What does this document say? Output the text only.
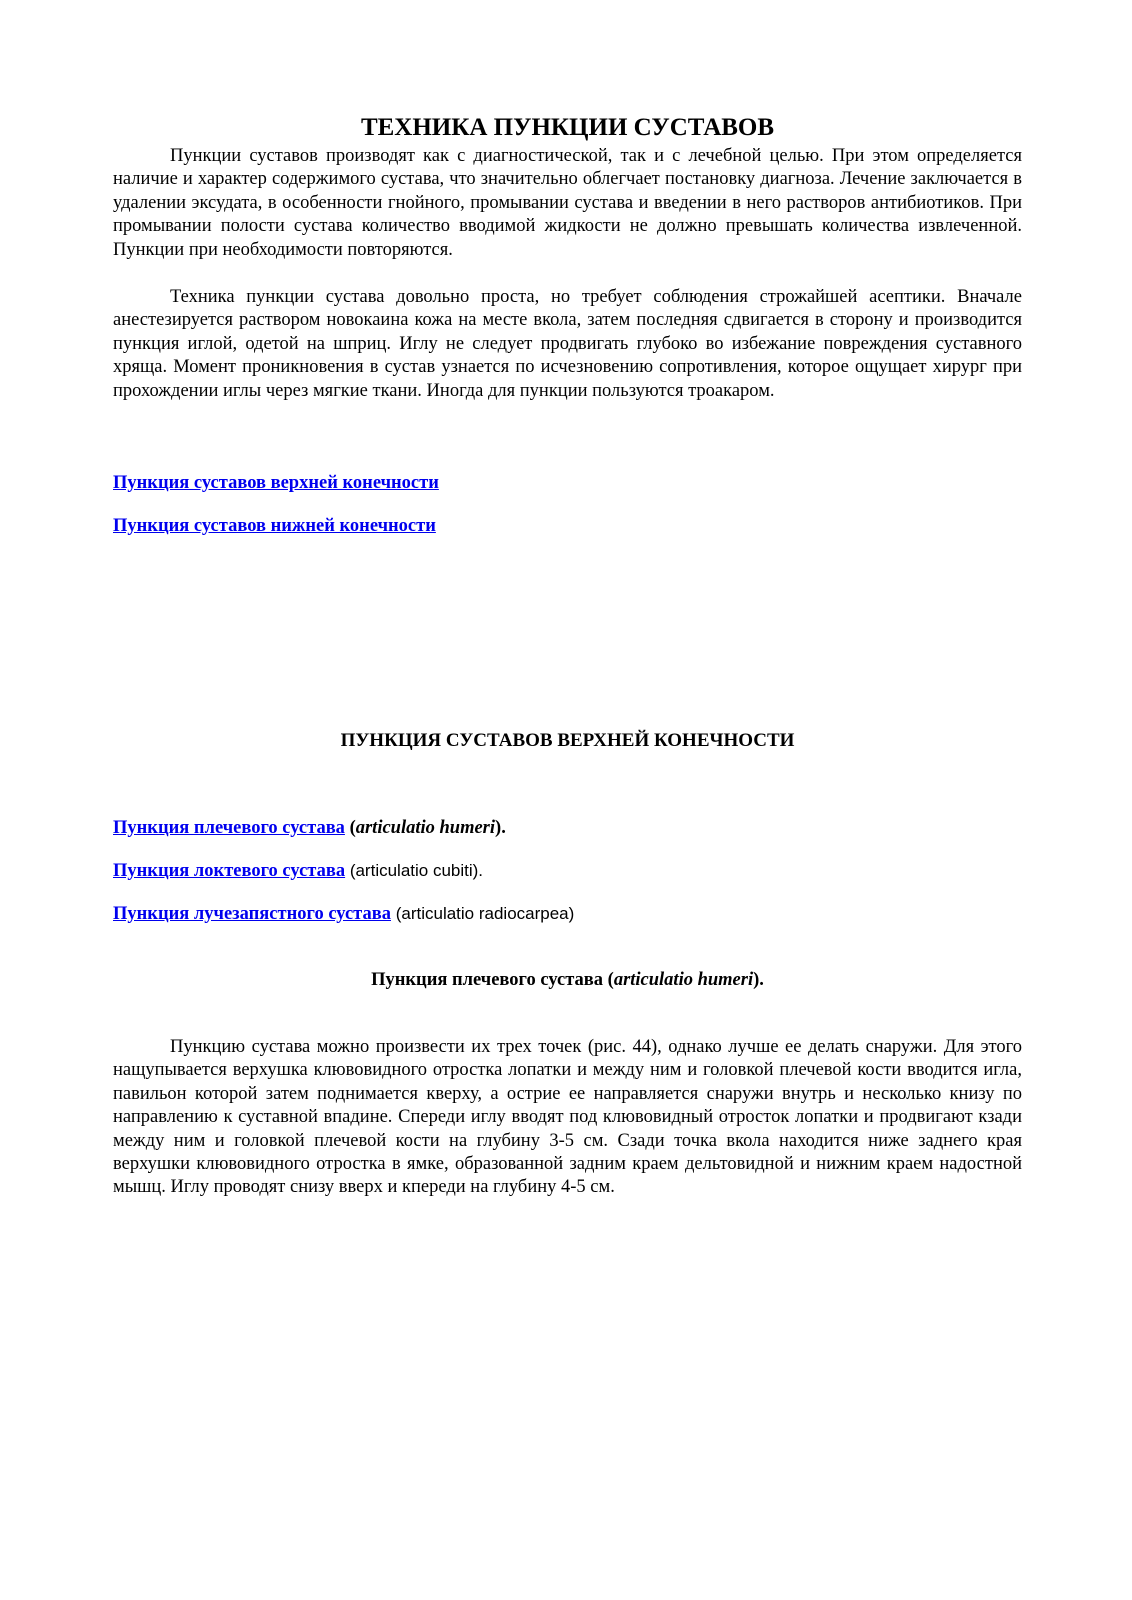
ТЕХНИКА ПУНКЦИИ СУСТАВОВ

Пункции суставов производят как с диагностической, так и с лечебной целью. При этом определяется наличие и характер содержимого сустава, что значительно облегчает постановку диагноза. Лечение заключается в удалении эксудата, в особенности гнойного, промывании сустава и введении в него растворов антибиотиков. При промывании полости сустава количество вводимой жидкости не должно превышать количества извлеченной. Пункции при необходимости повторяются.

Техника пункции сустава довольно проста, но требует соблюдения строжайшей асептики. Вначале анестезируется раствором новокаина кожа на месте вкола, затем последняя сдвигается в сторону и производится пункция иглой, одетой на шприц. Иглу не следует продвигать глубоко во избежание повреждения суставного хряща. Момент проникновения в сустав узнается по исчезновению сопротивления, которое ощущает хирург при прохождении иглы через мягкие ткани. Иногда для пункции пользуются троакаром.

Пункция суставов верхней конечности

Пункция суставов нижней конечности

ПУНКЦИЯ СУСТАВОВ ВЕРХНЕЙ КОНЕЧНОСТИ

Пункция плечевого сустава (articulatio humeri).

Пункция локтевого сустава (articulatio cubiti).

Пункция лучезапястного сустава (articulatio radiocarpea)

Пункция плечевого сустава (articulatio humeri).

Пункцию сустава можно произвести их трех точек (рис. 44), однако лучше ее делать снаружи. Для этого нащупывается верхушка клювовидного отростка лопатки и между ним и головкой плечевой кости вводится игла, павильон которой затем поднимается кверху, а острие ее направляется снаружи внутрь и несколько книзу по направлению к суставной впадине. Спереди иглу вводят под клювовидный отросток лопатки и продвигают кзади между ним и головкой плечевой кости на глубину 3-5 см. Сзади точка вкола находится ниже заднего края верхушки клювовидного отростка в ямке, образованной задним краем дельтовидной и нижним краем надостной мышц. Иглу проводят снизу вверх и кпереди на глубину 4-5 см.
